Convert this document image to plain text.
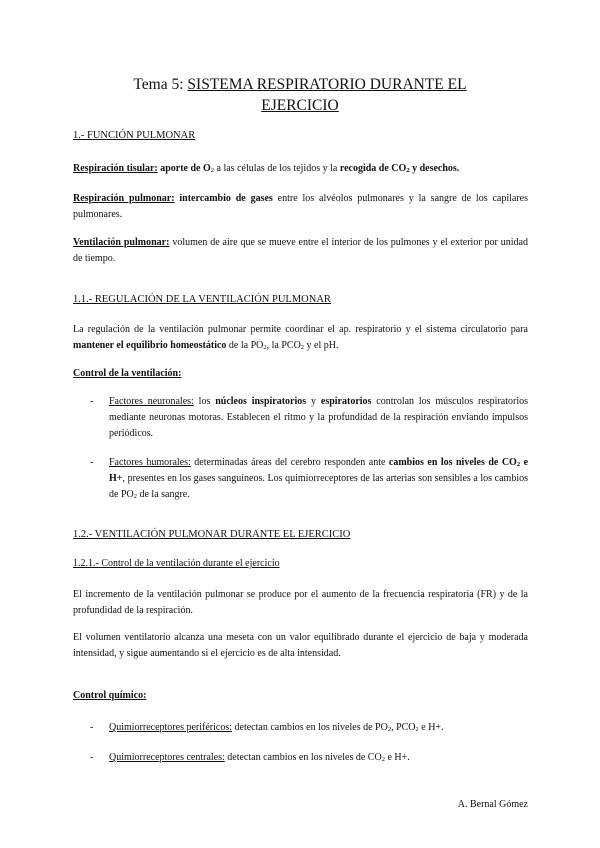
Tema 5: SISTEMA RESPIRATORIO DURANTE EL
EJERCICIO
1.- FUNCIÓN PULMONAR
Respiración tisular: aporte de $O_2$ a las células de los tejidos y la recogida de $CO_2$ y desechos.
Respiración pulmonar: intercambio de gases entre los alvéolos pulmonares y la sangre de los capilares pulmonares.
Ventilación pulmonar: volumen de aire que se mueve entre el interior de los pulmones y el exterior por unidad de tiempo.
1.1.- REGULACIÓN DE LA VENTILACIÓN PULMONAR
La regulación de la ventilación pulmonar permite coordinar el ap. respiratorio y el sistema circulatorio para mantener el equilibrio homeostático de la $PO_2$, la $PCO_2$ y el pH.
Control de la ventilación:
- Factores neuronales: los núcleos inspiratorios y espiratorios controlan los músculos respiratorios mediante neuronas motoras. Establecen el ritmo y la profundidad de la respiración enviando impulsos periódicos.
- Factores humorales: determinadas áreas del cerebro responden ante cambios en los niveles de $CO_2$ e H+, presentes en los gases sanguíneos. Los quimiorreceptores de las arterias son sensibles a los cambios de $PO_2$ de la sangre.
1.2.- VENTILACIÓN PULMONAR DURANTE EL EJERCICIO
1.2.1.- Control de la ventilación durante el ejercicio
El incremento de la ventilación pulmonar se produce por el aumento de la frecuencia respiratoria (FR) y de la profundidad de la respiración.
El volumen ventilatorio alcanza una meseta con un valor equilibrado durante el ejercicio de baja y moderada intensidad, y sigue aumentando si el ejercicio es de alta intensidad.
Control químico:
- Quimiorreceptores periféricos: detectan cambios en los niveles de $PO_2$, $PCO_2$ e H+.
- Quimiorreceptores centrales: detectan cambios en los niveles de $CO_2$ e H+.
A. Bernal Gómez
